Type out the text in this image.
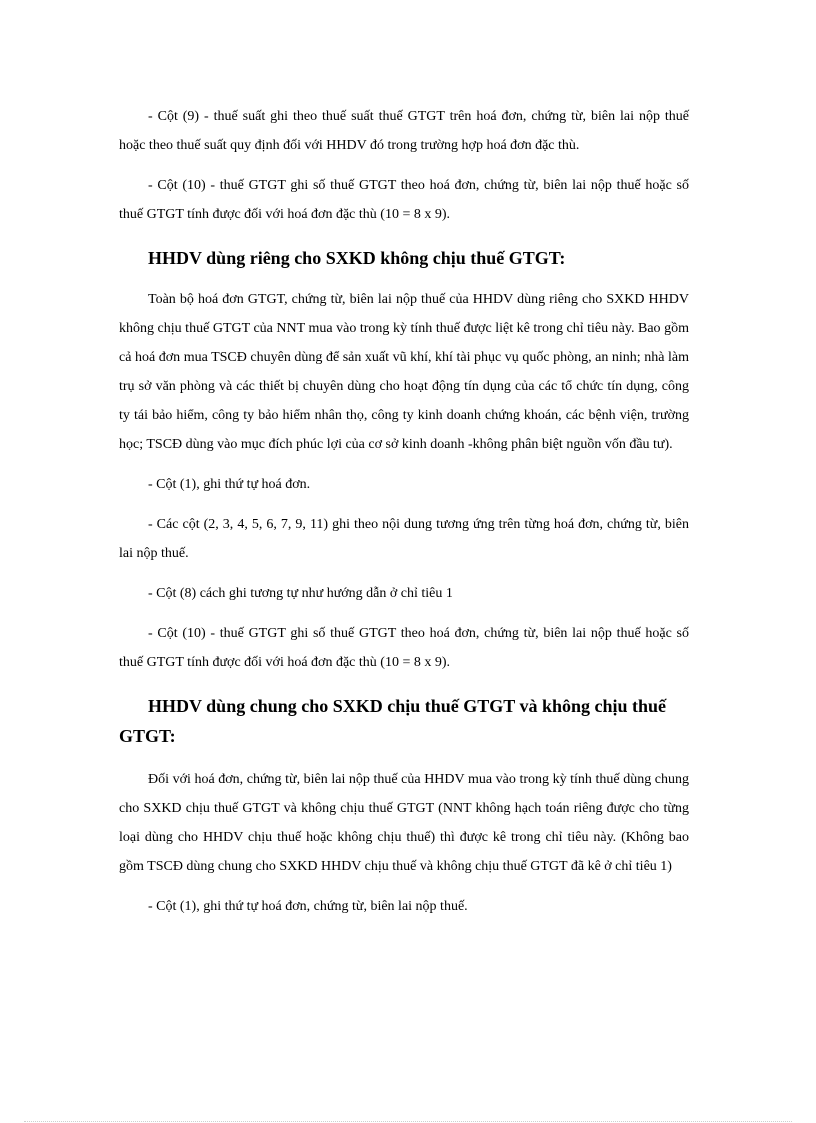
- Cột (9) - thuế suất ghi theo thuế suất thuế GTGT trên hoá đơn, chứng từ, biên lai nộp thuế hoặc theo thuế suất quy định đối với HHDV đó trong trường hợp hoá đơn đặc thù.

- Cột (10) - thuế GTGT ghi số thuế GTGT theo hoá đơn, chứng từ, biên lai nộp thuế hoặc số thuế GTGT tính được đối với hoá đơn đặc thù (10 = 8 x 9).

HHDV dùng riêng cho SXKD không chịu thuế GTGT:

Toàn bộ hoá đơn GTGT, chứng từ, biên lai nộp thuế của HHDV dùng riêng cho SXKD HHDV không chịu thuế GTGT của NNT mua vào trong kỳ tính thuế được liệt kê trong chỉ tiêu này. Bao gồm cả hoá đơn mua TSCĐ chuyên dùng để sản xuất vũ khí, khí tài phục vụ quốc phòng, an ninh; nhà làm trụ sở văn phòng và các thiết bị chuyên dùng cho hoạt động tín dụng của các tổ chức tín dụng, công ty tái bảo hiểm, công ty bảo hiểm nhân thọ, công ty kinh doanh chứng khoán, các bệnh viện, trường học; TSCĐ dùng vào mục đích phúc lợi của cơ sở kinh doanh -không phân biệt nguồn vốn đầu tư).

- Cột (1), ghi thứ tự hoá đơn.

- Các cột (2, 3, 4, 5, 6, 7, 9, 11) ghi theo nội dung tương ứng trên từng hoá đơn, chứng từ, biên lai nộp thuế.

- Cột (8) cách ghi tương tự như hướng dẫn ở chỉ tiêu 1

- Cột (10) - thuế GTGT ghi số thuế GTGT theo hoá đơn, chứng từ, biên lai nộp thuế hoặc số thuế GTGT tính được đối với hoá đơn đặc thù (10 = 8 x 9).

HHDV dùng chung cho SXKD chịu thuế GTGT và không chịu thuế GTGT:

Đối với hoá đơn, chứng từ, biên lai nộp thuế của HHDV mua vào trong kỳ tính thuế dùng chung cho SXKD chịu thuế GTGT và không chịu thuế GTGT (NNT không hạch toán riêng được cho từng loại dùng cho HHDV chịu thuế hoặc không chịu thuế) thì được kê trong chỉ tiêu này. (Không bao gồm TSCĐ dùng chung cho SXKD HHDV chịu thuế và không chịu thuế GTGT đã kê ở chỉ tiêu 1)

- Cột (1), ghi thứ tự hoá đơn, chứng từ, biên lai nộp thuế.
